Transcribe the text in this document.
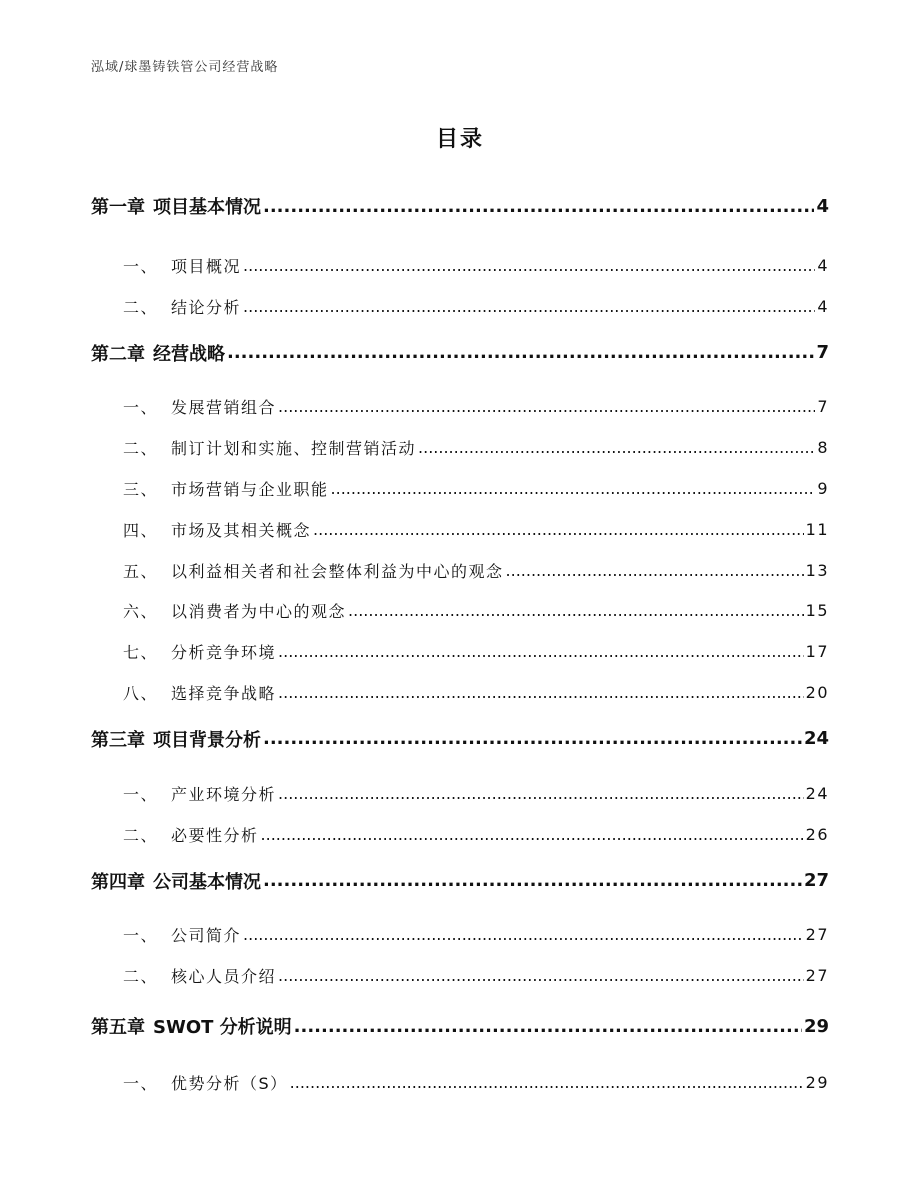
泓域/球墨铸铁管公司经营战略
目录
第一章 项目基本情况 .....	4
一、 项目概况 .....	4
二、 结论分析 .....	4
第二章 经营战略 .....	7
一、 发展营销组合 .....	7
二、 制订计划和实施、控制营销活动 .....	8
三、 市场营销与企业职能 .....	9
四、 市场及其相关概念 .....	11
五、 以利益相关者和社会整体利益为中心的观念 .....	13
六、 以消费者为中心的观念 .....	15
七、 分析竞争环境 .....	17
八、 选择竞争战略 .....	20
第三章 项目背景分析 .....	24
一、 产业环境分析 .....	24
二、 必要性分析 .....	26
第四章 公司基本情况 .....	27
一、 公司简介 .....	27
二、 核心人员介绍 .....	27
第五章 SWOT 分析说明 .....	29
一、 优势分析（S） .....	29
